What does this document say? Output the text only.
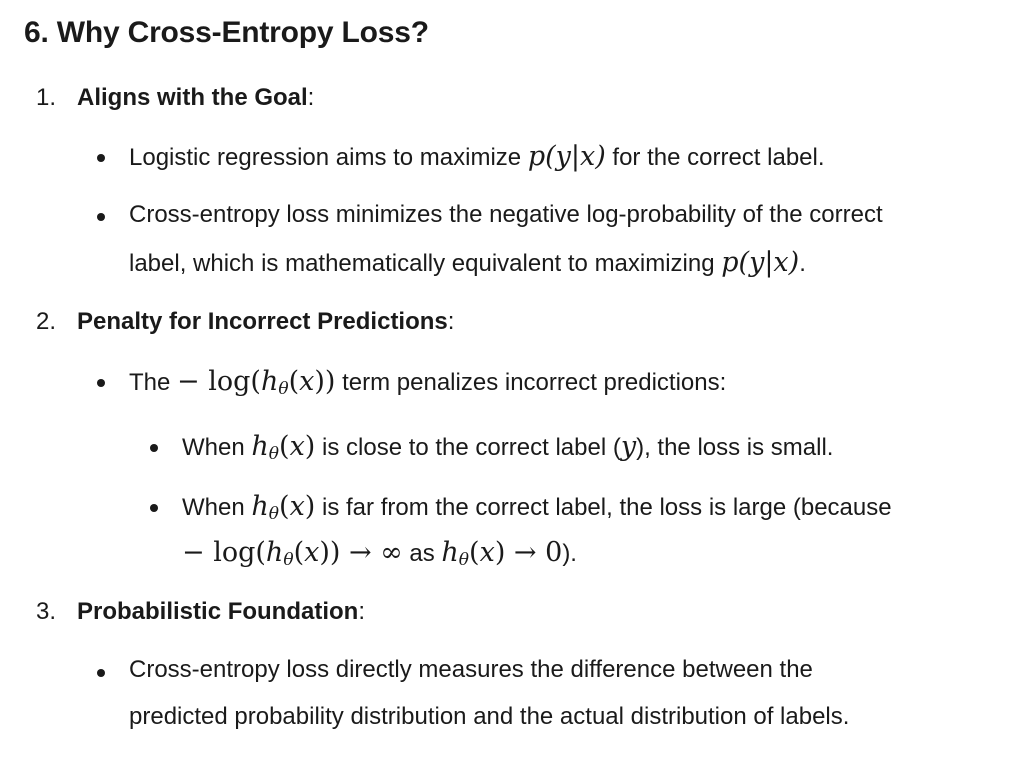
6. Why Cross-Entropy Loss?
1. Aligns with the Goal:
Logistic regression aims to maximize p(y|x) for the correct label.
Cross-entropy loss minimizes the negative log-probability of the correct
label, which is mathematically equivalent to maximizing p(y|x).
2. Penalty for Incorrect Predictions:
The − $\log(h_\theta(x))$ term penalizes incorrect predictions:
When $h_\theta(x)$ is close to the correct label (y), the loss is small.
When $h_\theta(x)$ is far from the correct label, the loss is large (because
− $\log(h_\theta(x))$ → ∞ as $h_\theta(x) \to 0$).
3. Probabilistic Foundation:
Cross-entropy loss directly measures the difference between the
predicted probability distribution and the actual distribution of labels.
